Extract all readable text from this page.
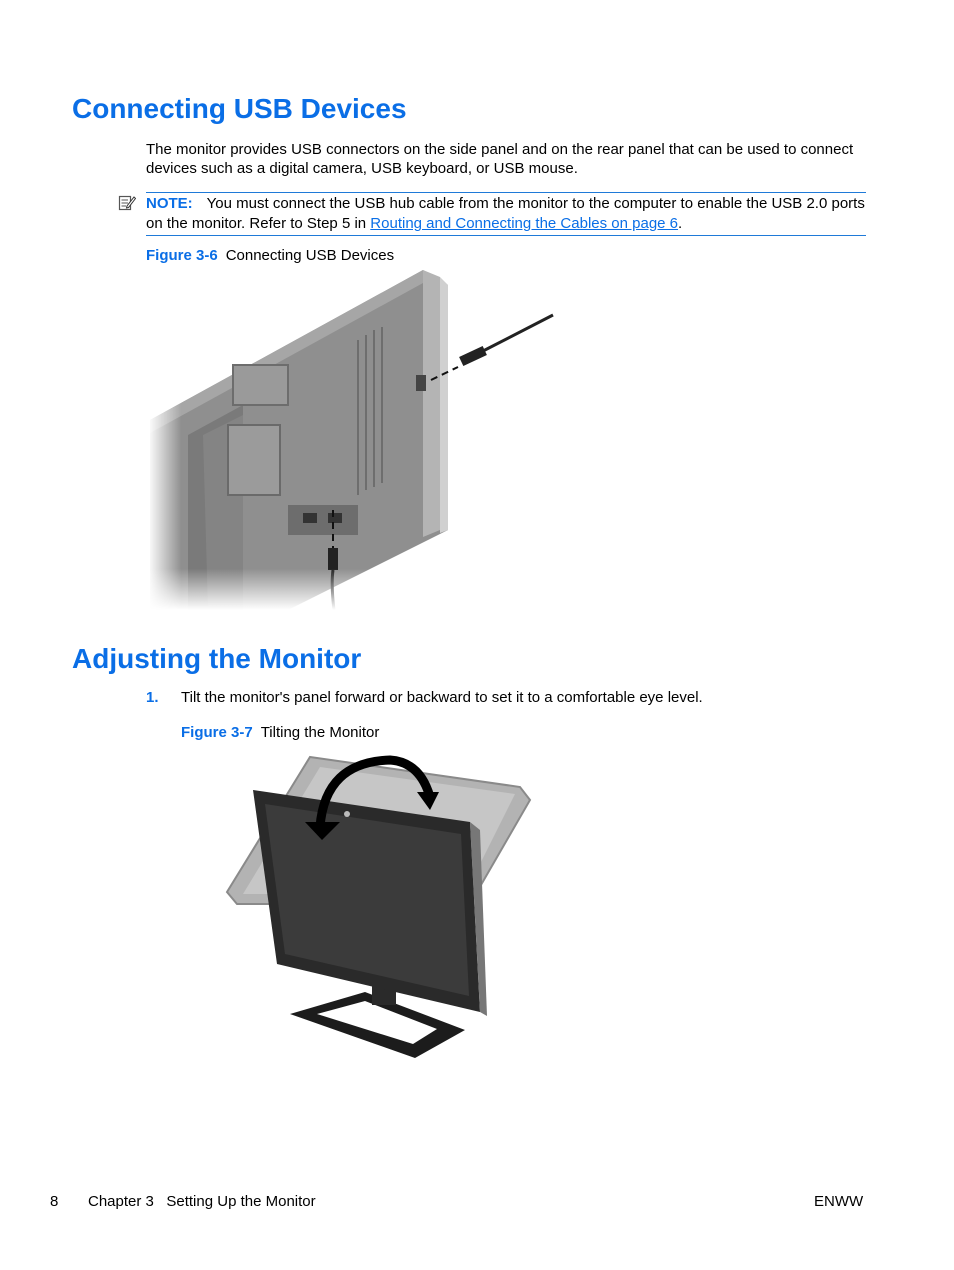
Connecting USB Devices
The monitor provides USB connectors on the side panel and on the rear panel that can be used to connect devices such as a digital camera, USB keyboard, or USB mouse.
NOTE: You must connect the USB hub cable from the monitor to the computer to enable the USB 2.0 ports on the monitor. Refer to Step 5 in Routing and Connecting the Cables on page 6.
Figure 3-6 Connecting USB Devices
Adjusting the Monitor
1. Tilt the monitor's panel forward or backward to set it to a comfortable eye level.
Figure 3-7 Tilting the Monitor
8 Chapter 3   Setting Up the Monitor	ENWW
